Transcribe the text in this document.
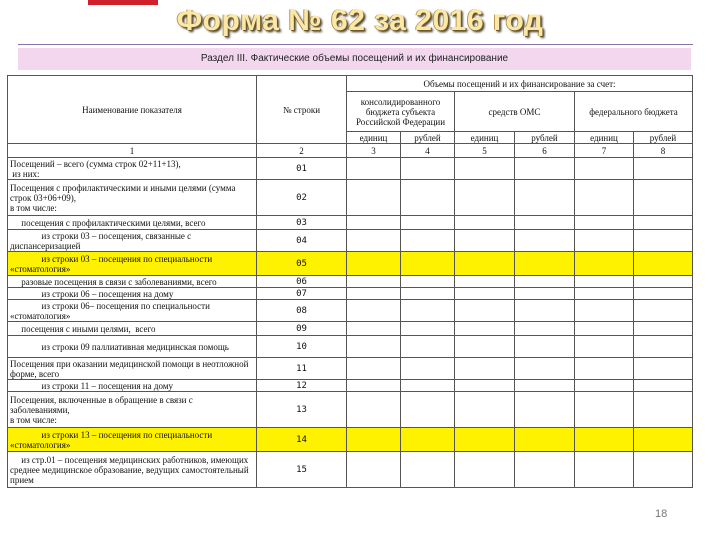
Форма № 62 за 2016 год
Раздел III. Фактические объемы посещений и их финансирование
Наименование показателя	№ строки	Объемы посещений и их финансирование за счет:					
		консолидированного бюджета субъекта Российской Федерации		средств ОМС		федерального бюджета	
		единиц	рублей	единиц	рублей	единиц	рублей
1	2	3	4	5	6	7	8
Посещений – всего (сумма строк 02+11+13),
из них:	01						
Посещения с профилактическими и иными целями (сумма строк 03+06+09),
в том числе:	02						
посещения с профилактическими целями, всего	03						
из строки 03 – посещения, связанные с диспансеризацией	04						
из строки 03 – посещения по специальности «стоматология»	05						
разовые посещения в связи с заболеваниями, всего	06						
из строки 06 – посещения на дому	07						
из строки 06– посещения по специальности «стоматология»	08						
посещения с иными целями,  всего	09						
из строки 09 паллиативная медицинская помощь	10						
Посещения при оказании медицинской помощи в неотложной форме, всего	11						
из строки 11 – посещения на дому	12						
Посещения, включенные в обращение в связи с заболеваниями,
в том числе:	13						
из строки 13 – посещения по специальности «стоматология»	14						
из стр.01 – посещения медицинских работников, имеющих среднее медицинское образование, ведущих самостоятельный прием	15						
18
